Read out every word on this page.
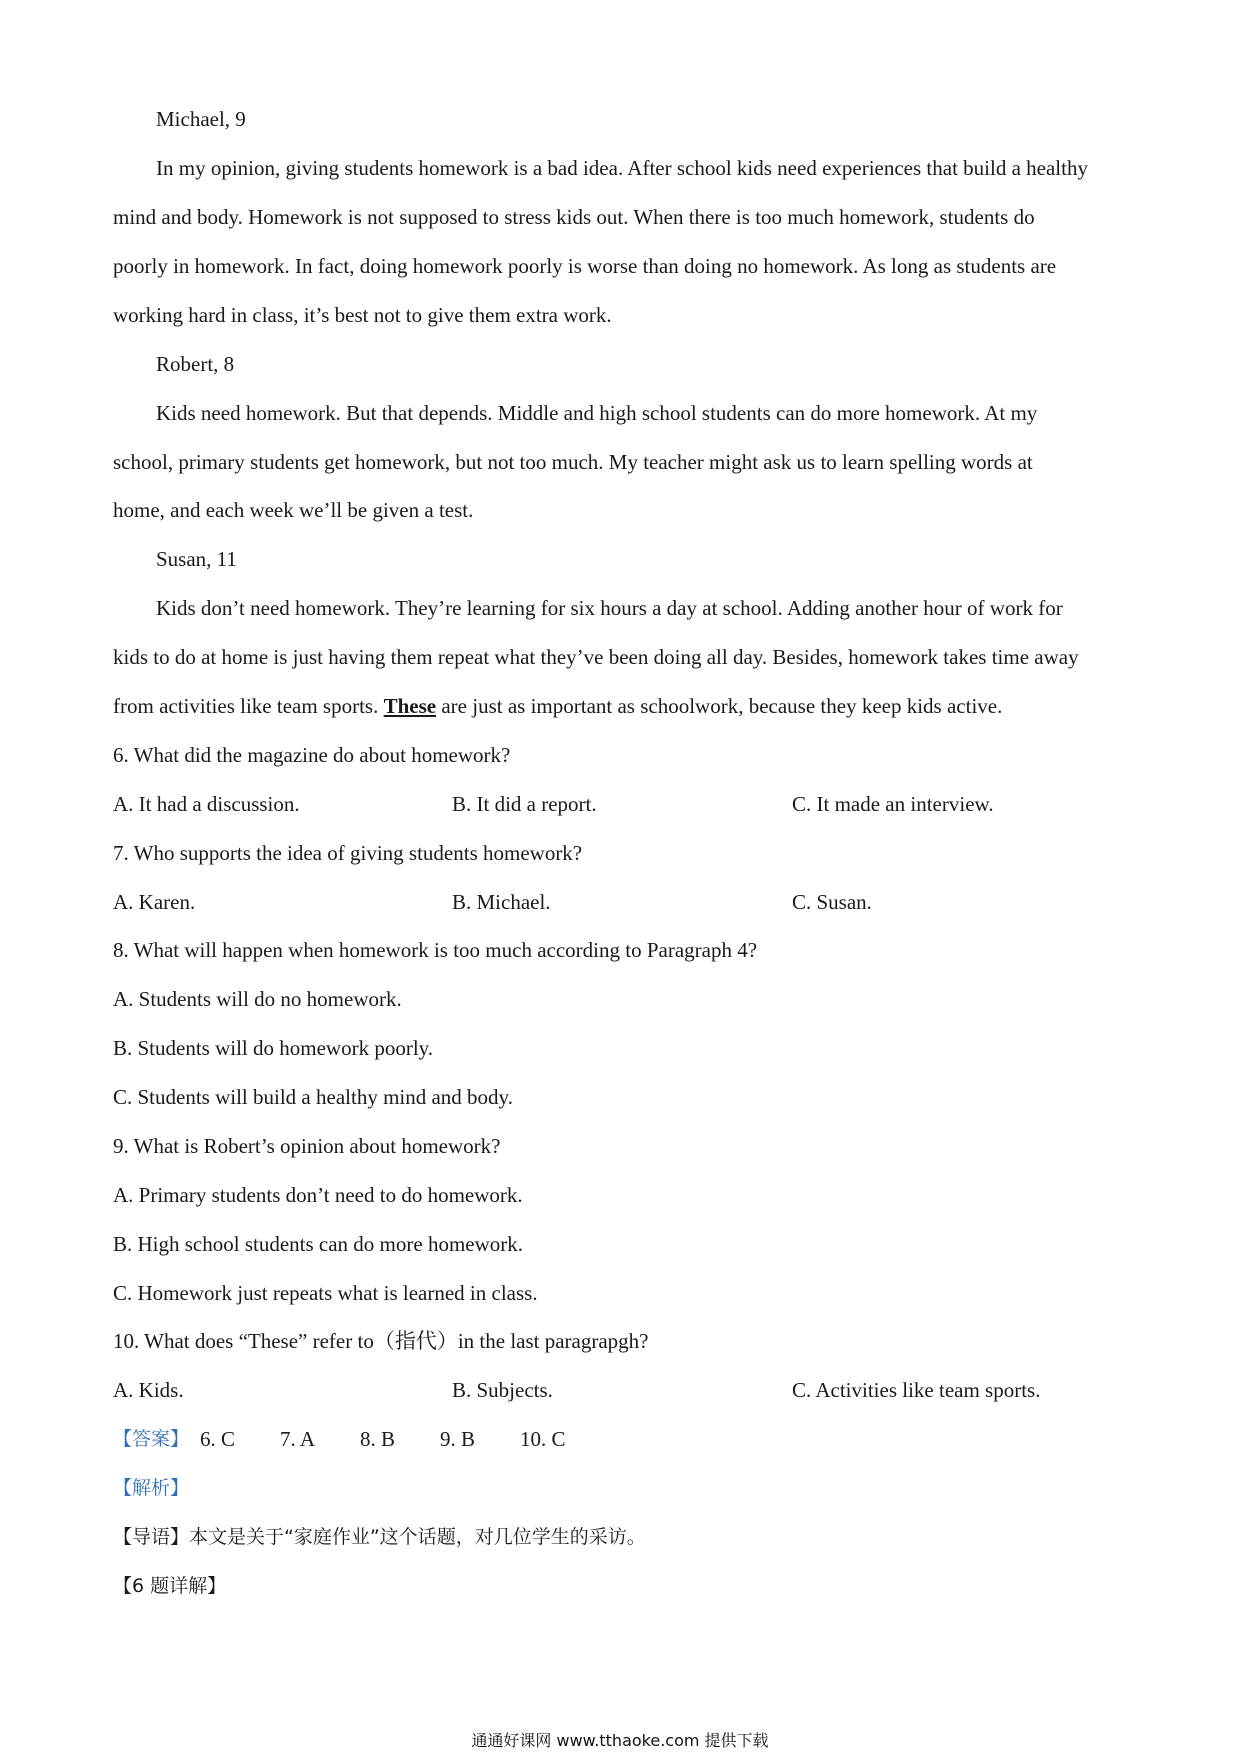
Michael, 9
In my opinion, giving students homework is a bad idea. After school kids need experiences that build a healthy
mind and body. Homework is not supposed to stress kids out. When there is too much homework, students do
poorly in homework. In fact, doing homework poorly is worse than doing no homework. As long as students are
working hard in class, it’s best not to give them extra work.
Robert, 8
Kids need homework. But that depends. Middle and high school students can do more homework. At my
school, primary students get homework, but not too much. My teacher might ask us to learn spelling words at
home, and each week we’ll be given a test.
Susan, 11
Kids don’t need homework. They’re learning for six hours a day at school. Adding another hour of work for
kids to do at home is just having them repeat what they’ve been doing all day. Besides, homework takes time away
from activities like team sports. These are just as important as schoolwork, because they keep kids active.
6. What did the magazine do about homework?
A. It had a discussion.	B. It did a report.	C. It made an interview.
7. Who supports the idea of giving students homework?
A. Karen.	B. Michael.	C. Susan.
8. What will happen when homework is too much according to Paragraph 4?
A. Students will do no homework.
B. Students will do homework poorly.
C. Students will build a healthy mind and body.
9. What is Robert’s opinion about homework?
A. Primary students don’t need to do homework.
B. High school students can do more homework.
C. Homework just repeats what is learned in class.
10. What does “These” refer to（指代）in the last paragrapgh?
A. Kids.	B. Subjects.	C. Activities like team sports.
【答案】 6. C 7. A 8. B 9. B 10. C
【解析】
【导语】本文是关于“家庭作业”这个话题，对几位学生的采访。
【6 题详解】
通通好课网 www.tthaoke.com 提供下载
